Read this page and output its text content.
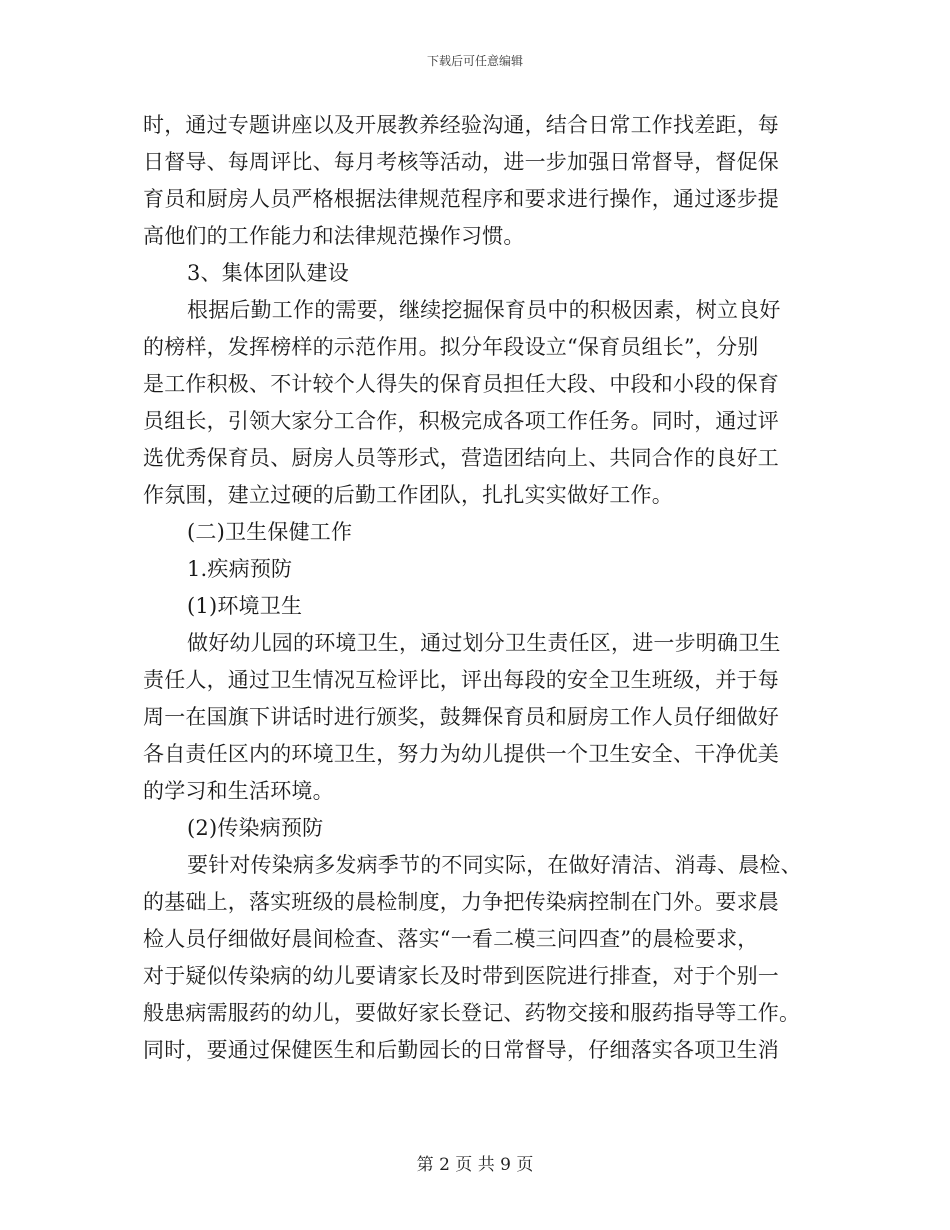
下载后可任意编辑
时，通过专题讲座以及开展教养经验沟通，结合日常工作找差距，每
日督导、每周评比、每月考核等活动，进一步加强日常督导，督促保
育员和厨房人员严格根据法律规范程序和要求进行操作，通过逐步提
高他们的工作能力和法律规范操作习惯。
3、集体团队建设
根据后勤工作的需要，继续挖掘保育员中的积极因素，树立良好
的榜样，发挥榜样的示范作用。拟分年段设立“保育员组长”，分别
是工作积极、不计较个人得失的保育员担任大段、中段和小段的保育
员组长，引领大家分工合作，积极完成各项工作任务。同时，通过评
选优秀保育员、厨房人员等形式，营造团结向上、共同合作的良好工
作氛围，建立过硬的后勤工作团队，扎扎实实做好工作。
(二)卫生保健工作
1.疾病预防
(1)环境卫生
做好幼儿园的环境卫生，通过划分卫生责任区，进一步明确卫生
责任人，通过卫生情况互检评比，评出每段的安全卫生班级，并于每
周一在国旗下讲话时进行颁奖，鼓舞保育员和厨房工作人员仔细做好
各自责任区内的环境卫生，努力为幼儿提供一个卫生安全、干净优美
的学习和生活环境。
(2)传染病预防
要针对传染病多发病季节的不同实际，在做好清洁、消毒、晨检、
的基础上，落实班级的晨检制度，力争把传染病控制在门外。要求晨
检人员仔细做好晨间检查、落实“一看二模三问四查”的晨检要求，
对于疑似传染病的幼儿要请家长及时带到医院进行排查，对于个别一
般患病需服药的幼儿，要做好家长登记、药物交接和服药指导等工作。
同时，要通过保健医生和后勤园长的日常督导，仔细落实各项卫生消
第 2 页 共 9 页
